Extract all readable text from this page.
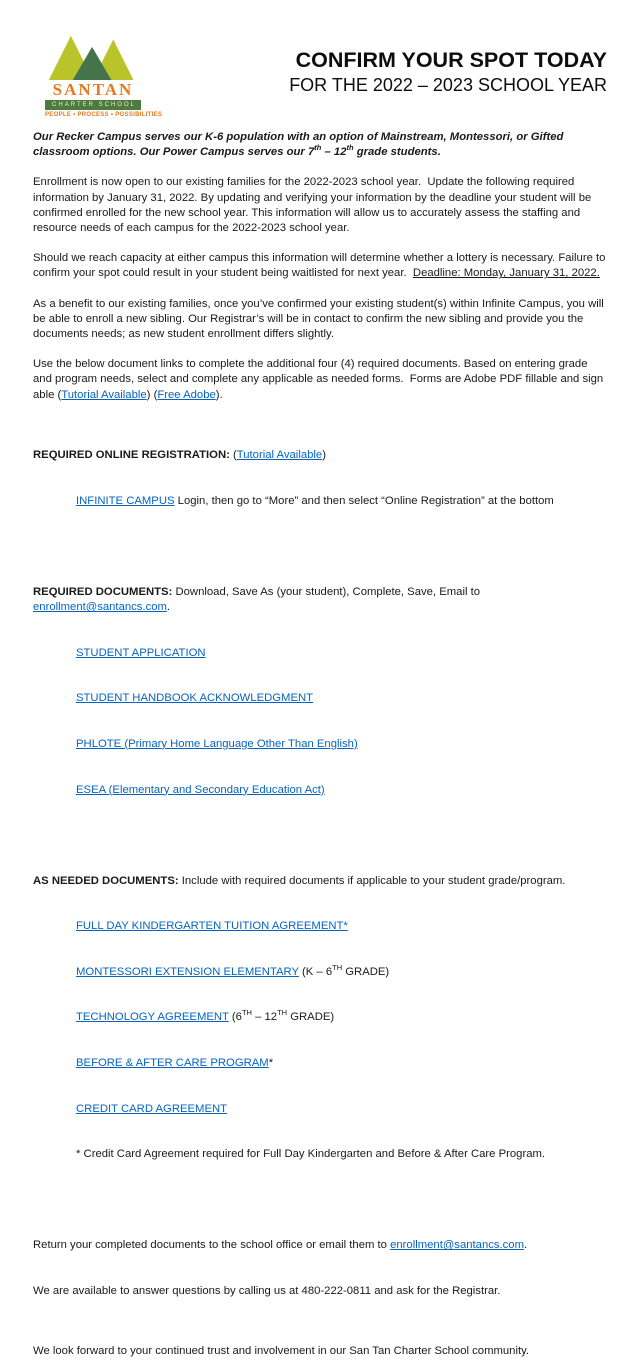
SANTAN
CHARTER SCHOOL
PEOPLE • PROCESS • POSSIBILITIES
CONFIRM YOUR SPOT TODAY
FOR THE 2022 – 2023 SCHOOL YEAR

Our Recker Campus serves our K-6 population with an option of Mainstream, Montessori, or Gifted classroom options. Our Power Campus serves our 7th – 12th grade students.

Enrollment is now open to our existing families for the 2022-2023 school year.  Update the following required information by January 31, 2022. By updating and verifying your information by the deadline your student will be confirmed enrolled for the new school year. This information will allow us to accurately assess the staffing and resource needs of each campus for the 2022-2023 school year.

Should we reach capacity at either campus this information will determine whether a lottery is necessary. Failure to confirm your spot could result in your student being waitlisted for next year.  Deadline: Monday, January 31, 2022.

As a benefit to our existing families, once you’ve confirmed your existing student(s) within Infinite Campus, you will be able to enroll a new sibling. Our Registrar’s will be in contact to confirm the new sibling and provide you the documents needs; as new student enrollment differs slightly.

Use the below document links to complete the additional four (4) required documents. Based on entering grade and program needs, select and complete any applicable as needed forms.  Forms are Adobe PDF fillable and sign able (Tutorial Available) (Free Adobe).

REQUIRED ONLINE REGISTRATION: (Tutorial Available)

INFINITE CAMPUS Login, then go to “More” and then select “Online Registration” at the bottom

REQUIRED DOCUMENTS: Download, Save As (your student), Complete, Save, Email to enrollment@santancs.com.

STUDENT APPLICATION

STUDENT HANDBOOK ACKNOWLEDGMENT

PHLOTE (Primary Home Language Other Than English)

ESEA (Elementary and Secondary Education Act)

AS NEEDED DOCUMENTS: Include with required documents if applicable to your student grade/program.

FULL DAY KINDERGARTEN TUITION AGREEMENT*

MONTESSORI EXTENSION ELEMENTARY (K – 6TH GRADE)

TECHNOLOGY AGREEMENT (6TH – 12TH GRADE)

BEFORE & AFTER CARE PROGRAM*

CREDIT CARD AGREEMENT

* Credit Card Agreement required for Full Day Kindergarten and Before & After Care Program.

Return your completed documents to the school office or email them to enrollment@santancs.com.

We are available to answer questions by calling us at 480-222-0811 and ask for the Registrar.

We look forward to your continued trust and involvement in our San Tan Charter School community.
